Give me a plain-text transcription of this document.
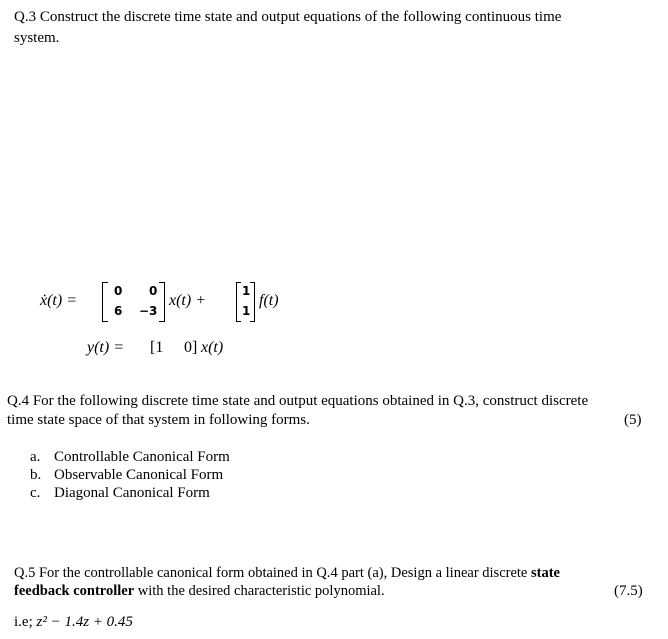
Q.3 Construct the discrete time state and output equations of the following continuous time
system.
ẋ(t) =
0 0
6 −3
x(t) +
1
1
f(t)
y(t) = [1 0] x(t)
Q.4 For the following discrete time state and output equations obtained in Q.3, construct discrete
time state space of that system in following forms.	(5)
a. Controllable Canonical Form
b. Observable Canonical Form
c. Diagonal Canonical Form
Q.5 For the controllable canonical form obtained in Q.4 part (a), Design a linear discrete state
feedback controller with the desired characteristic polynomial.	(7.5)
i.e; z² − 1.4z + 0.45
